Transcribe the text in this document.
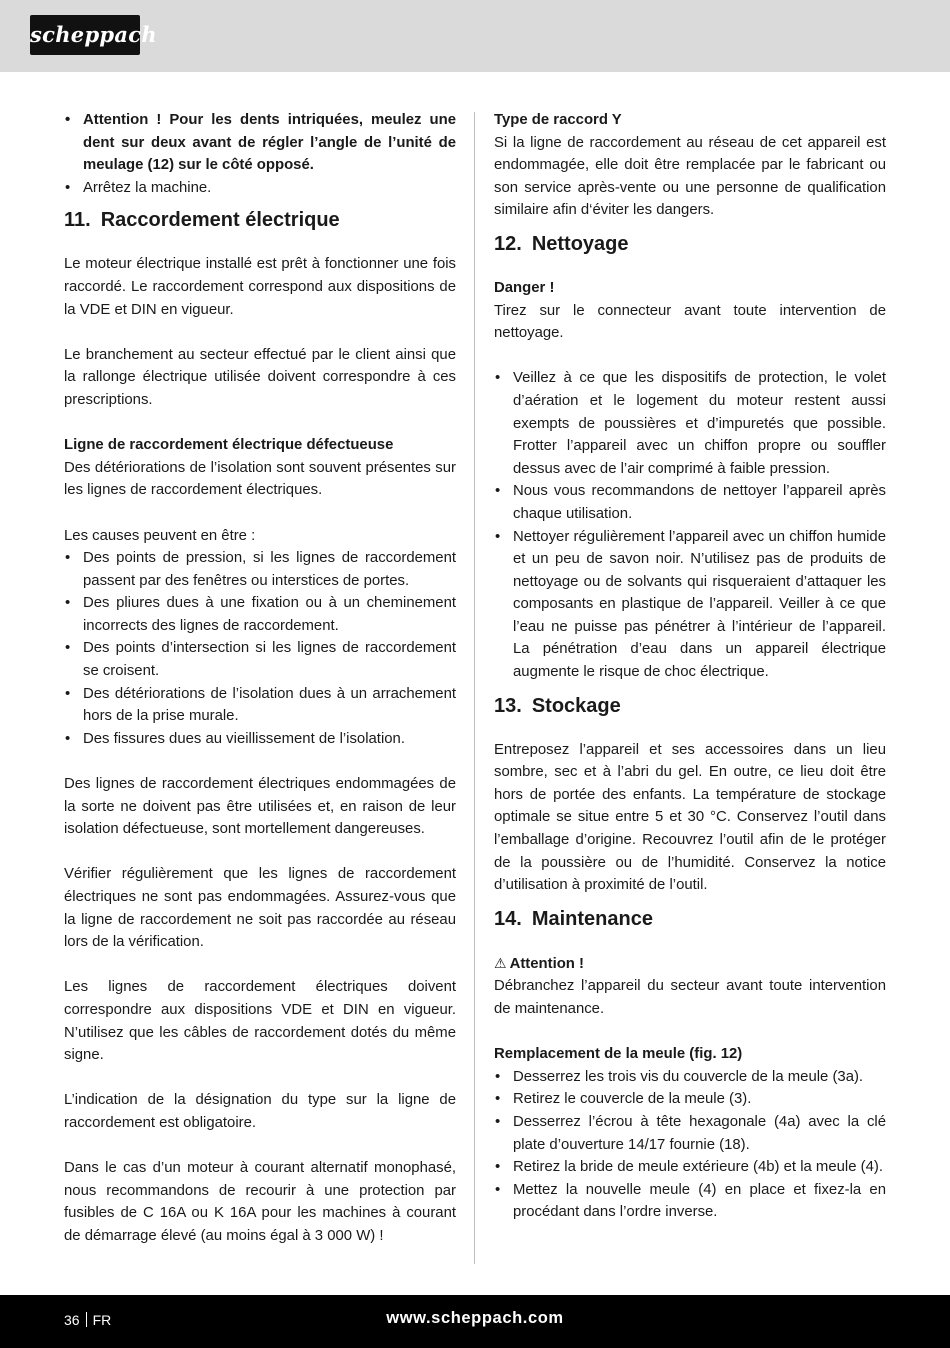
scheppach
• Attention ! Pour les dents intriquées, meulez une dent sur deux avant de régler l’angle de l’unité de meulage (12) sur le côté opposé.
• Arrêtez la machine.
11. Raccordement électrique

Le moteur électrique installé est prêt à fonctionner une fois raccordé. Le raccordement correspond aux dispositions de la VDE et DIN en vigueur.

Le branchement au secteur effectué par le client ainsi que la rallonge électrique utilisée doivent correspondre à ces prescriptions.

Ligne de raccordement électrique défectueuse

Des détériorations de l’isolation sont souvent présentes sur les lignes de raccordement électriques.

Les causes peuvent en être :

• Des points de pression, si les lignes de raccordement passent par des fenêtres ou interstices de portes.
• Des pliures dues à une fixation ou à un cheminement incorrects des lignes de raccordement.
• Des points d’intersection si les lignes de raccordement se croisent.
• Des détériorations de l’isolation dues à un arrachement hors de la prise murale.
• Des fissures dues au vieillissement de l’isolation.

Des lignes de raccordement électriques endommagées de la sorte ne doivent pas être utilisées et, en raison de leur isolation défectueuse, sont mortellement dangereuses.

Vérifier régulièrement que les lignes de raccordement électriques ne sont pas endommagées. Assurez-vous que la ligne de raccordement ne soit pas raccordée au réseau lors de la vérification.

Les lignes de raccordement électriques doivent correspondre aux dispositions VDE et DIN en vigueur. N’utilisez que les câbles de raccordement dotés du même signe.

L’indication de la désignation du type sur la ligne de raccordement est obligatoire.

Dans le cas d’un moteur à courant alternatif monophasé, nous recommandons de recourir à une protection par fusibles de C 16A ou K 16A pour les machines à courant de démarrage élevé (au moins égal à 3 000 W) !

Type de raccord Y

Si la ligne de raccordement au réseau de cet appareil est endommagée, elle doit être remplacée par le fabricant ou son service après-vente ou une personne de qualification similaire afin d‘éviter les dangers.

12. Nettoyage

Danger !

Tirez sur le connecteur avant toute intervention de nettoyage.

• Veillez à ce que les dispositifs de protection, le volet d’aération et le logement du moteur restent aussi exempts de poussières et d’impuretés que possible. Frotter l’appareil avec un chiffon propre ou souffler dessus avec de l’air comprimé à faible pression.
• Nous vous recommandons de nettoyer l’appareil après chaque utilisation.
• Nettoyer régulièrement l’appareil avec un chiffon humide et un peu de savon noir. N’utilisez pas de produits de nettoyage ou de solvants qui risqueraient d’attaquer les composants en plastique de l’appareil. Veiller à ce que l’eau ne puisse pas pénétrer à l’intérieur de l’appareil. La pénétration d’eau dans un appareil électrique augmente le risque de choc électrique.
13. Stockage

Entreposez l’appareil et ses accessoires dans un lieu sombre, sec et à l’abri du gel. En outre, ce lieu doit être hors de portée des enfants. La température de stockage optimale se situe entre 5 et 30 °C. Conservez l’outil dans l’emballage d’origine. Recouvrez l’outil afin de le protéger de la poussière ou de l’humidité. Conservez la notice d’utilisation à proximité de l’outil.

14. Maintenance

⚠ Attention !

Débranchez l’appareil du secteur avant toute intervention de maintenance.

Remplacement de la meule (fig. 12)

• Desserrez les trois vis du couvercle de la meule (3a).
• Retirez le couvercle de la meule (3).
• Desserrez l’écrou à tête hexagonale (4a) avec la clé plate d’ouverture 14/17 fournie (18).
• Retirez la bride de meule extérieure (4b) et la meule (4).
• Mettez la nouvelle meule (4) en place et fixez-la en procédant dans l’ordre inverse.
36 FR	www.scheppach.com
